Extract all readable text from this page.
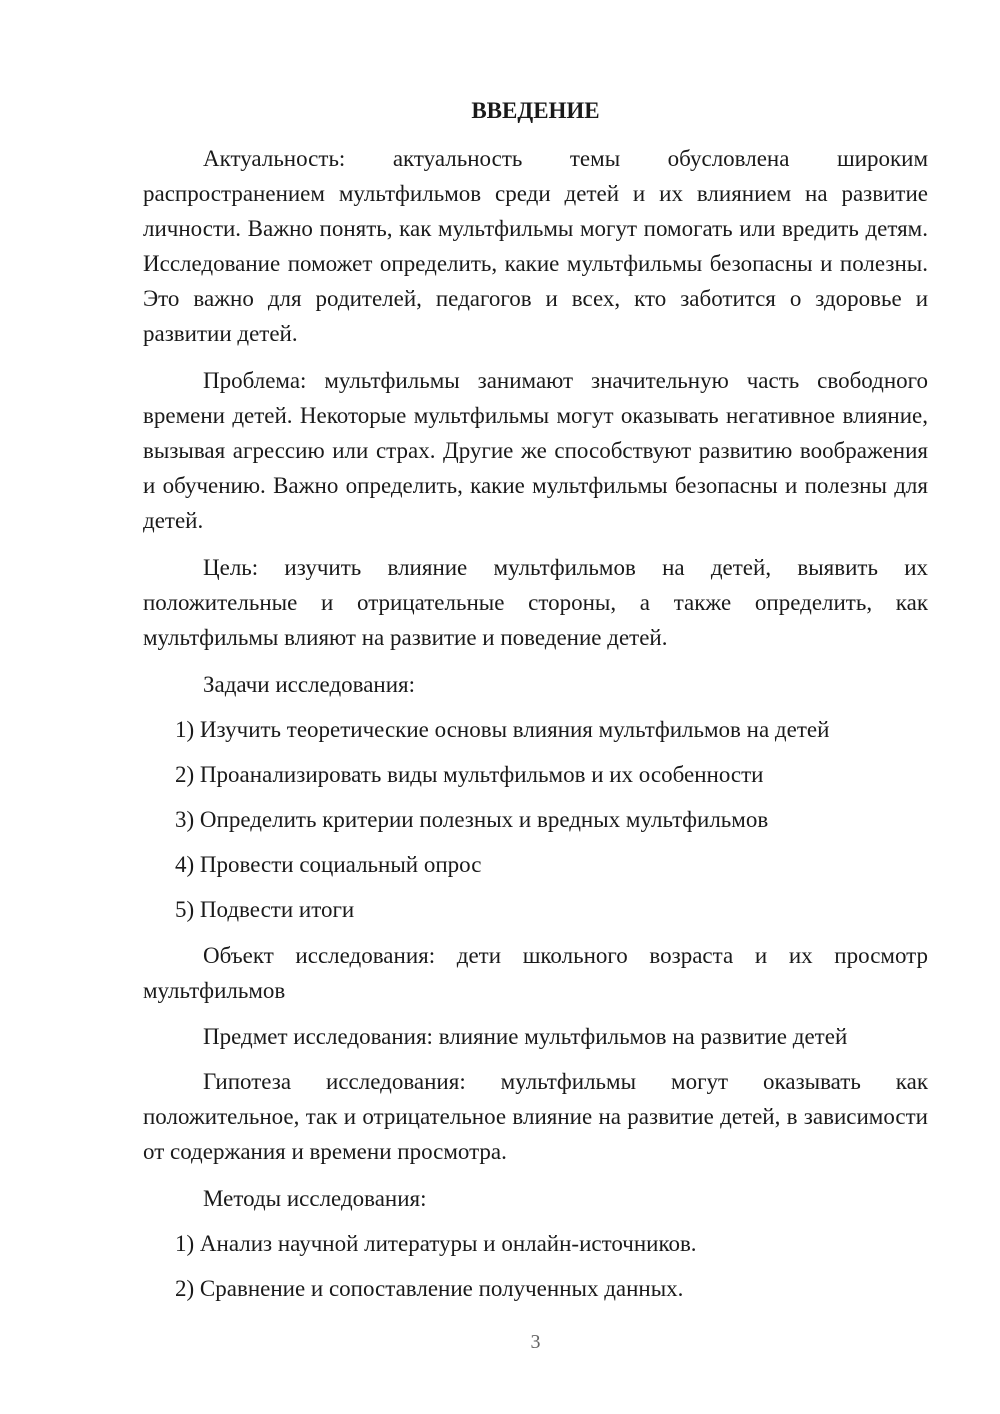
ВВЕДЕНИЕ

Актуальность: актуальность темы обусловлена широким распространением мультфильмов среди детей и их влиянием на развитие личности. Важно понять, как мультфильмы могут помогать или вредить детям. Исследование поможет определить, какие мультфильмы безопасны и полезны. Это важно для родителей, педагогов и всех, кто заботится о здоровье и развитии детей.

Проблема: мультфильмы занимают значительную часть свободного времени детей. Некоторые мультфильмы могут оказывать негативное влияние, вызывая агрессию или страх. Другие же способствуют развитию воображения и обучению. Важно определить, какие мультфильмы безопасны и полезны для детей.

Цель: изучить влияние мультфильмов на детей, выявить их положительные и отрицательные стороны, а также определить, как мультфильмы влияют на развитие и поведение детей.

Задачи исследования:

1) Изучить теоретические основы влияния мультфильмов на детей

2) Проанализировать виды мультфильмов и их особенности

3) Определить критерии полезных и вредных мультфильмов

4) Провести социальный опрос

5) Подвести итоги

Объект исследования: дети школьного возраста и их просмотр мультфильмов

Предмет исследования: влияние мультфильмов на развитие детей

Гипотеза исследования: мультфильмы могут оказывать как положительное, так и отрицательное влияние на развитие детей, в зависимости от содержания и времени просмотра.

Методы исследования:

1) Анализ научной литературы и онлайн-источников.

2) Сравнение и сопоставление полученных данных.

3
